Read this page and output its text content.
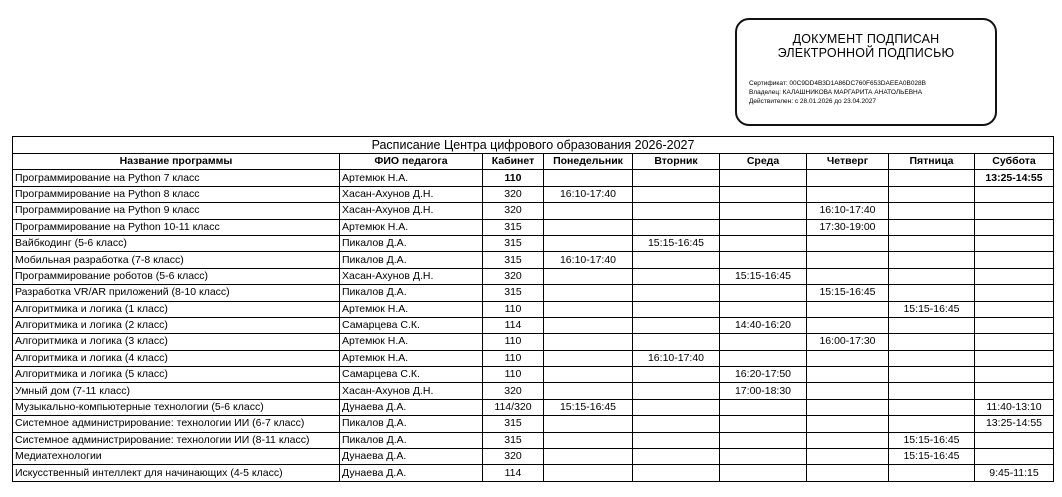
ДОКУМЕНТ ПОДПИСАН
ЭЛЕКТРОННОЙ ПОДПИСЬЮ
Сертификат: 00C9DD4B3D1A86DC760F653DAEEA0B028B
Владелец: КАЛАШНИКОВА МАРГАРИТА АНАТОЛЬЕВНА
Действителен: с 28.01.2026 до 23.04.2027
Расписание Центра цифрового образования 2026-2027
Название программы	ФИО педагога	Кабинет	Понедельник	Вторник	Среда	Четверг	Пятница	Суббота
Программирование на Python 7 класс	Артемюк Н.А.	110						13:25-14:55
Программирование на Python 8 класс	Хасан-Ахунов Д.Н.	320	16:10-17:40					
Программирование на Python 9 класс	Хасан-Ахунов Д.Н.	320				16:10-17:40		
Программирование на Python 10-11 класс	Артемюк Н.А.	315				17:30-19:00		
Вайбкодинг (5-6 класс)	Пикалов Д.А.	315		15:15-16:45				
Мобильная разработка (7-8 класс)	Пикалов Д.А.	315	16:10-17:40					
Программирование роботов (5-6 класс)	Хасан-Ахунов Д.Н.	320			15:15-16:45			
Разработка VR/AR приложений (8-10 класс)	Пикалов Д.А.	315				15:15-16:45		
Алгоритмика и логика (1 класс)	Артемюк Н.А.	110					15:15-16:45	
Алгоритмика и логика (2 класс)	Самарцева С.К.	114			14:40-16:20			
Алгоритмика и логика (3 класс)	Артемюк Н.А.	110				16:00-17:30		
Алгоритмика и логика (4 класс)	Артемюк Н.А.	110		16:10-17:40				
Алгоритмика и логика (5 класс)	Самарцева С.К.	110			16:20-17:50			
Умный дом (7-11 класс)	Хасан-Ахунов Д.Н.	320			17:00-18:30			
Музыкально-компьютерные технологии (5-6 класс)	Дунаева Д.А.	114/320	15:15-16:45					11:40-13:10
Системное администрирование: технологии ИИ (6-7 класс)	Пикалов Д.А.	315						13:25-14:55
Системное администрирование: технологии ИИ (8-11 класс)	Пикалов Д.А.	315					15:15-16:45	
Медиатехнологии	Дунаева Д.А.	320					15:15-16:45	
Искусственный интеллект для начинающих (4-5 класс)	Дунаева Д.А.	114						9:45-11:15
